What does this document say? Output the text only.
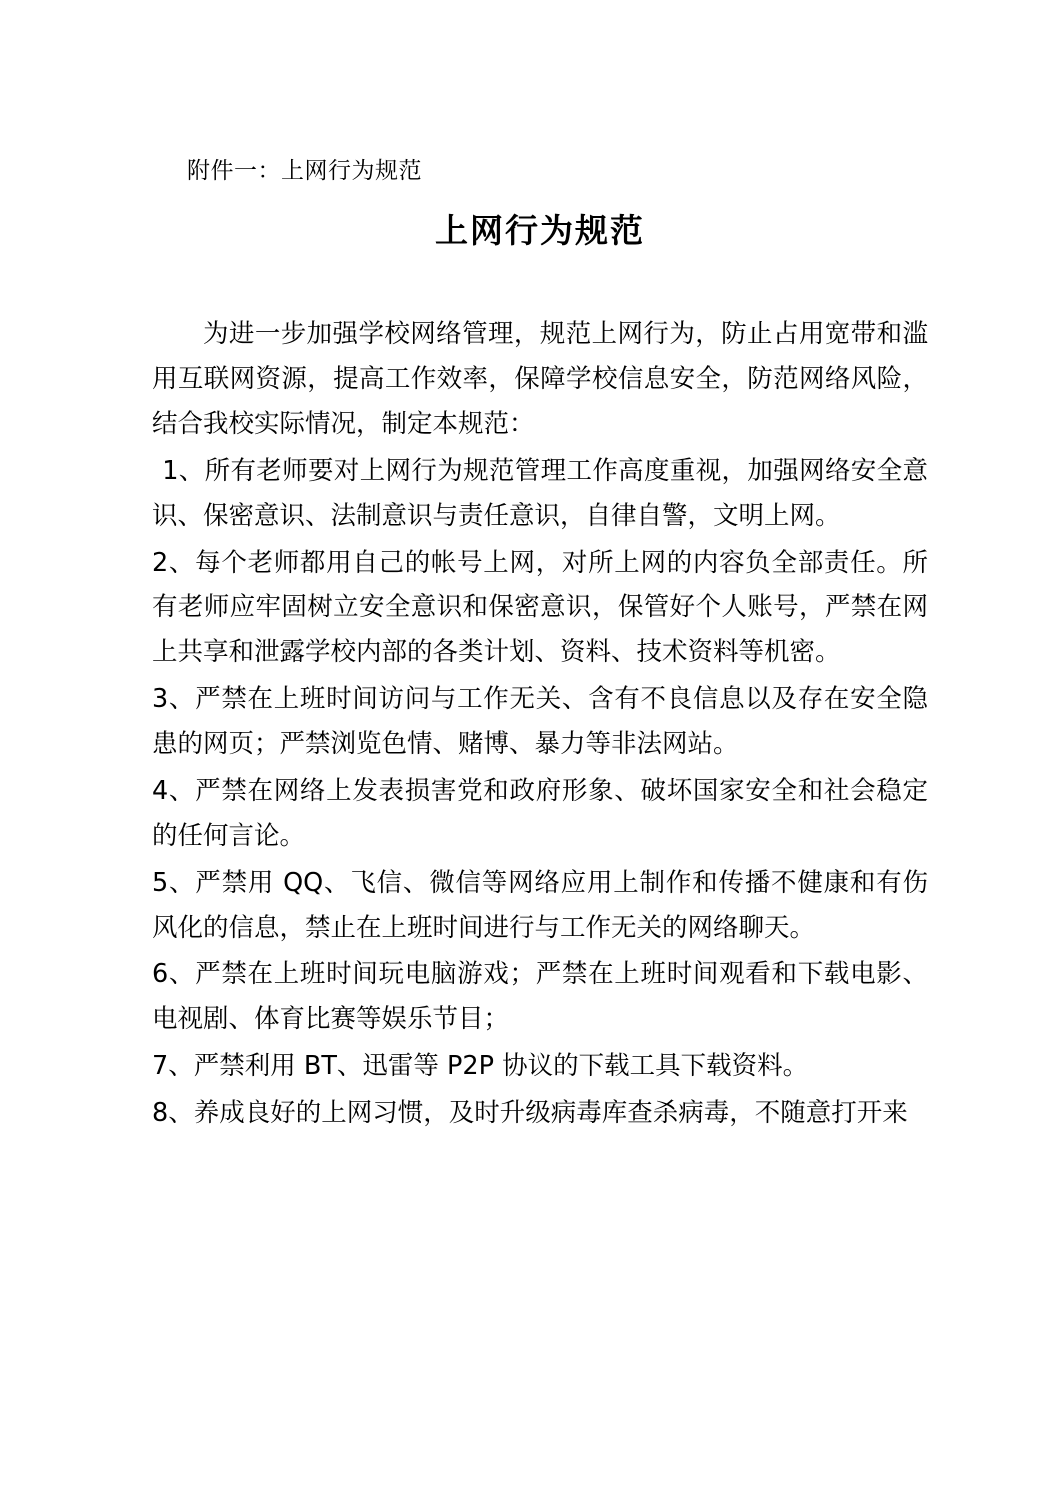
附件一：上网行为规范
上网行为规范

为进一步加强学校网络管理，规范上网行为，防止占用宽带和滥用互联网资源，提高工作效率，保障学校信息安全，防范网络风险，结合我校实际情况，制定本规范：

1、所有老师要对上网行为规范管理工作高度重视，加强网络安全意识、保密意识、法制意识与责任意识，自律自警，文明上网。

2、每个老师都用自己的帐号上网，对所上网的内容负全部责任。所有老师应牢固树立安全意识和保密意识，保管好个人账号，严禁在网上共享和泄露学校内部的各类计划、资料、技术资料等机密。

3、严禁在上班时间访问与工作无关、含有不良信息以及存在安全隐患的网页；严禁浏览色情、赌博、暴力等非法网站。

4、严禁在网络上发表损害党和政府形象、破坏国家安全和社会稳定的任何言论。

5、严禁用 QQ、飞信、微信等网络应用上制作和传播不健康和有伤风化的信息，禁止在上班时间进行与工作无关的网络聊天。

6、严禁在上班时间玩电脑游戏；严禁在上班时间观看和下载电影、电视剧、体育比赛等娱乐节目；

7、严禁利用 BT、迅雷等 P2P 协议的下载工具下载资料。

8、养成良好的上网习惯，及时升级病毒库查杀病毒，不随意打开来
